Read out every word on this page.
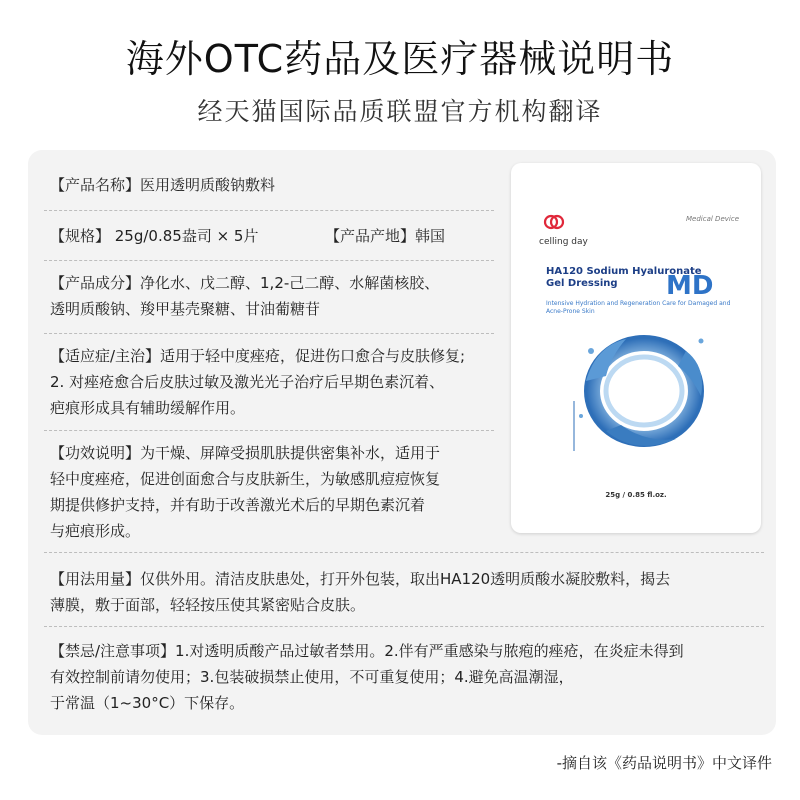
海外OTC药品及医疗器械说明书
经天猫国际品质联盟官方机构翻译
【产品名称】医用透明质酸钠敷料
【规格】 25g/0.85盎司 × 5片	【产品产地】韩国
【产品成分】净化水、戊二醇、1,2-己二醇、水解菌核胶、
透明质酸钠、羧甲基壳聚糖、甘油葡糖苷
【适应症/主治】适用于轻中度痤疮，促进伤口愈合与皮肤修复;
2. 对痤疮愈合后皮肤过敏及激光光子治疗后早期色素沉着、
疤痕形成具有辅助缓解作用。
【功效说明】为干燥、屏障受损肌肤提供密集补水，适用于
轻中度痤疮，促进创面愈合与皮肤新生，为敏感肌痘痘恢复
期提供修护支持，并有助于改善激光术后的早期色素沉着
与疤痕形成。
【用法用量】仅供外用。清洁皮肤患处，打开外包装，取出HA120透明质酸水凝胶敷料，揭去
薄膜，敷于面部，轻轻按压使其紧密贴合皮肤。
【禁忌/注意事项】1.对透明质酸产品过敏者禁用。2.伴有严重感染与脓疱的痤疮，在炎症未得到
有效控制前请勿使用；3.包装破损禁止使用，不可重复使用；4.避免高温潮湿，
于常温（1~30°C）下保存。
celling day
Medical Device
HA120 Sodium Hyaluronate
Gel Dressing MD
Intensive Hydration and Regeneration Care for Damaged and Acne-Prone Skin
25g / 0.85 fl.oz.
-摘自该《药品说明书》中文译件
